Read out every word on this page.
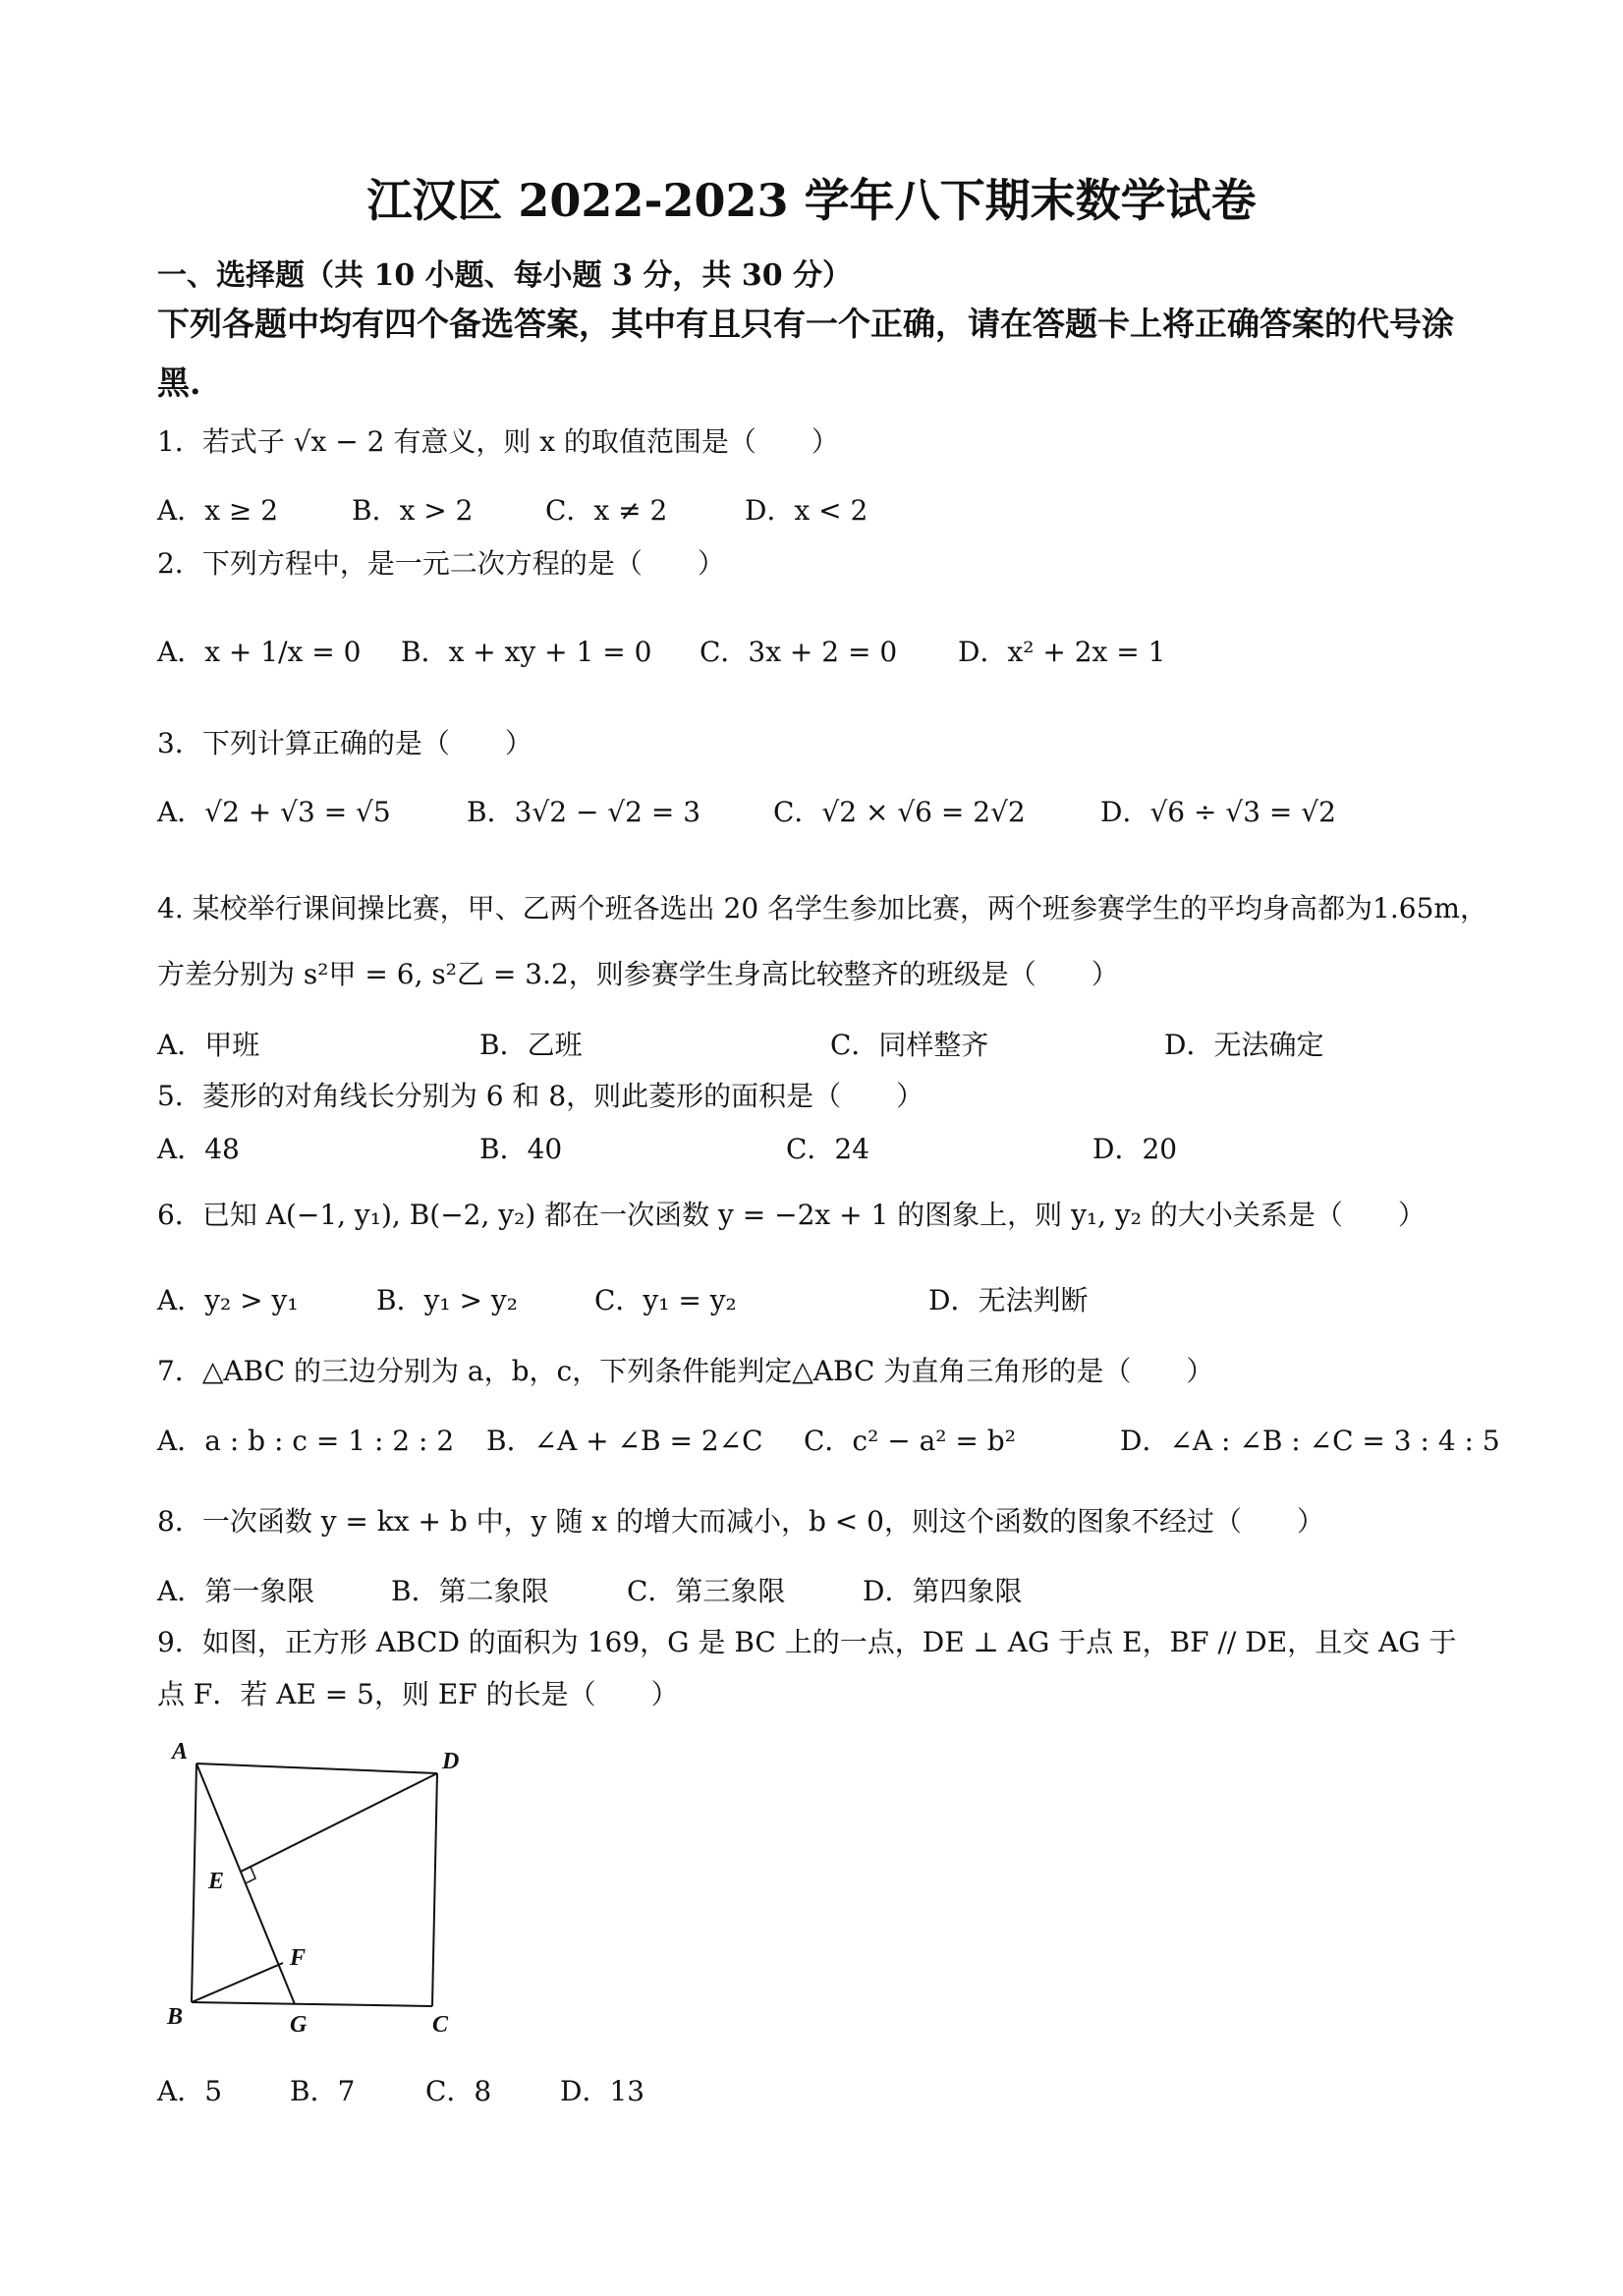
江汉区 2022-2023 学年八下期末数学试卷
一、选择题（共 10 小题、每小题 3 分，共 30 分）
下列各题中均有四个备选答案，其中有且只有一个正确，请在答题卡上将正确答案的代号涂黑.
1．若式子 √x − 2 有意义，则 x 的取值范围是（　　）
A．x ≥ 2	B．x > 2	C．x ≠ 2	D．x < 2
2．下列方程中，是一元二次方程的是（　　）
A．x + 1/x = 0 B．x + xy + 1 = 0 C．3x + 2 = 0 D．x² + 2x = 1
3．下列计算正确的是（　　）
A．√2 + √3 = √5	B．3√2 − √2 = 3	C．√2 × √6 = 2√2	D．√6 ÷ √3 = √2
4. 某校举行课间操比赛，甲、乙两个班各选出 20 名学生参加比赛，两个班参赛学生的平均身高都为1.65m，
方差分别为 s²甲 = 6, s²乙 = 3.2，则参赛学生身高比较整齐的班级是（　　）
A．甲班	B．乙班	C．同样整齐	D．无法确定
5．菱形的对角线长分别为 6 和 8，则此菱形的面积是（　　）
A．48	B．40	C．24	D．20
6．已知 A(−1, y₁), B(−2, y₂) 都在一次函数 y = −2x + 1 的图象上，则 y₁, y₂ 的大小关系是（　　）
A．y₂ > y₁	B．y₁ > y₂	C．y₁ = y₂	D．无法判断
7．△ABC 的三边分别为 a，b，c，下列条件能判定△ABC 为直角三角形的是（　　）
A．a : b : c = 1 : 2 : 2 B．∠A + ∠B = 2∠C C．c² − a² = b²	D．∠A : ∠B : ∠C = 3 : 4 : 5
8．一次函数 y = kx + b 中，y 随 x 的增大而减小，b < 0，则这个函数的图象不经过（　　）
A．第一象限	B．第二象限	C．第三象限	D．第四象限
9．如图，正方形 ABCD 的面积为 169，G 是 BC 上的一点，DE ⊥ AG 于点 E，BF // DE，且交 AG 于
点 F．若 AE = 5，则 EF 的长是（　　）
A	D
E
F
B	G	C
A．5 B．7	C．8 D．13
